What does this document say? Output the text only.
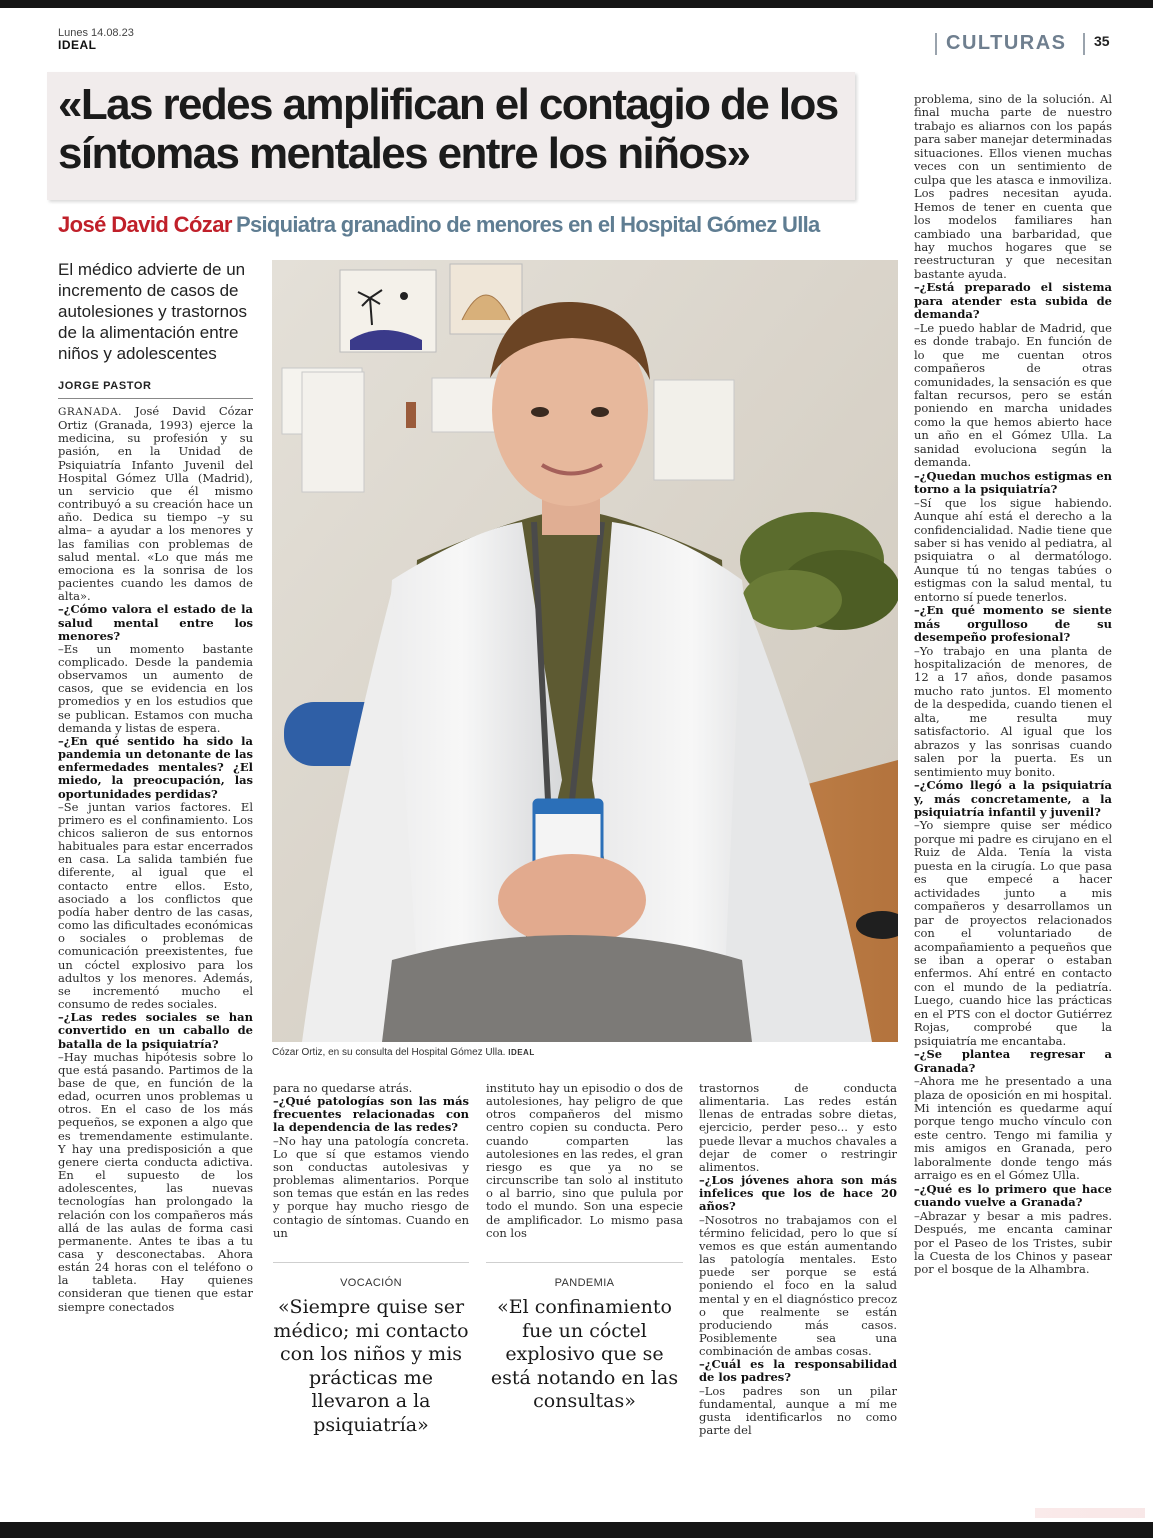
Lunes 14.08.23
IDEAL	CULTURAS 35
«Las redes amplifican el contagio de los síntomas mentales entre los niños»
José David Cózar Psiquiatra granadino de menores en el Hospital Gómez Ulla
El médico advierte de un incremento de casos de autolesiones y trastornos de la alimentación entre niños y adolescentes
JORGE PASTOR

GRANADA. José David Cózar Ortiz (Granada, 1993) ejerce la medicina, su profesión y su pasión, en la Unidad de Psiquiatría Infanto Juvenil del Hospital Gómez Ulla (Madrid), un servicio que él mismo contribuyó a su creación hace un año. Dedica su tiempo –y su alma– a ayudar a los menores y las familias con problemas de salud mental. «Lo que más me emociona es la sonrisa de los pacientes cuando les damos de alta».

–¿Cómo valora el estado de la salud mental entre los menores?

–Es un momento bastante complicado. Desde la pandemia observamos un aumento de casos, que se evidencia en los promedios y en los estudios que se publican. Estamos con mucha demanda y listas de espera.

–¿En qué sentido ha sido la pandemia un detonante de las enfermedades mentales? ¿El miedo, la preocupación, las oportunidades perdidas?

–Se juntan varios factores. El primero es el confinamiento. Los chicos salieron de sus entornos habituales para estar encerrados en casa. La salida también fue diferente, al igual que el contacto entre ellos. Esto, asociado a los conflictos que podía haber dentro de las casas, como las dificultades económicas o sociales o problemas de comunicación preexistentes, fue un cóctel explosivo para los adultos y los menores. Además, se incrementó mucho el consumo de redes sociales.

–¿Las redes sociales se han convertido en un caballo de batalla de la psiquiatría?

–Hay muchas hipótesis sobre lo que está pasando. Partimos de la base de que, en función de la edad, ocurren unos problemas u otros. En el caso de los más pequeños, se exponen a algo que es tremendamente estimulante. Y hay una predisposición a que genere cierta conducta adictiva. En el supuesto de los adolescentes, las nuevas tecnologías han prolongado la relación con los compañeros más allá de las aulas de forma casi permanente. Antes te ibas a tu casa y desconectabas. Ahora están 24 horas con el teléfono o la tableta. Hay quienes consideran que tienen que estar siempre conectados

Cózar Ortiz, en su consulta del Hospital Gómez Ulla. IDEAL

para no quedarse atrás.

–¿Qué patologías son las más frecuentes relacionadas con la dependencia de las redes?

–No hay una patología concreta. Lo que sí que estamos viendo son conductas autolesivas y problemas alimentarios. Porque son temas que están en las redes y porque hay mucho riesgo de contagio de síntomas. Cuando en un

instituto hay un episodio o dos de autolesiones, hay peligro de que otros compañeros del mismo centro copien su conducta. Pero cuando comparten las autolesiones en las redes, el gran riesgo es que ya no se circunscribe tan solo al instituto o al barrio, sino que pulula por todo el mundo. Son una especie de amplificador. Lo mismo pasa con los

VOCACIÓN
«Siempre quise ser médico; mi contacto con los niños y mis prácticas me llevaron a la psiquiatría»
PANDEMIA
«El confinamiento fue un cóctel explosivo que se está notando en las consultas»

trastornos de conducta alimentaria. Las redes están llenas de entradas sobre dietas, ejercicio, perder peso... y esto puede llevar a muchos chavales a dejar de comer o restringir alimentos.

–¿Los jóvenes ahora son más infelices que los de hace 20 años?

–Nosotros no trabajamos con el término felicidad, pero lo que sí vemos es que están aumentando las patología mentales. Esto puede ser porque se está poniendo el foco en la salud mental y en el diagnóstico precoz o que realmente se están produciendo más casos. Posiblemente sea una combinación de ambas cosas.

–¿Cuál es la responsabilidad de los padres?

–Los padres son un pilar fundamental, aunque a mí me gusta identificarlos no como parte del

problema, sino de la solución. Al final mucha parte de nuestro trabajo es aliarnos con los papás para saber manejar determinadas situaciones. Ellos vienen muchas veces con un sentimiento de culpa que les atasca e inmoviliza. Los padres necesitan ayuda. Hemos de tener en cuenta que los modelos familiares han cambiado una barbaridad, que hay muchos hogares que se reestructuran y que necesitan bastante ayuda.

–¿Está preparado el sistema para atender esta subida de demanda?

–Le puedo hablar de Madrid, que es donde trabajo. En función de lo que me cuentan otros compañeros de otras comunidades, la sensación es que faltan recursos, pero se están poniendo en marcha unidades como la que hemos abierto hace un año en el Gómez Ulla. La sanidad evoluciona según la demanda.

–¿Quedan muchos estigmas en torno a la psiquiatría?

–Sí que los sigue habiendo. Aunque ahí está el derecho a la confidencialidad. Nadie tiene que saber si has venido al pediatra, al psiquiatra o al dermatólogo. Aunque tú no tengas tabúes o estigmas con la salud mental, tu entorno sí puede tenerlos.

–¿En qué momento se siente más orgulloso de su desempeño profesional?

–Yo trabajo en una planta de hospitalización de menores, de 12 a 17 años, donde pasamos mucho rato juntos. El momento de la despedida, cuando tienen el alta, me resulta muy satisfactorio. Al igual que los abrazos y las sonrisas cuando salen por la puerta. Es un sentimiento muy bonito.

–¿Cómo llegó a la psiquiatría y, más concretamente, a la psiquiatría infantil y juvenil?

–Yo siempre quise ser médico porque mi padre es cirujano en el Ruiz de Alda. Tenía la vista puesta en la cirugía. Lo que pasa es que empecé a hacer actividades junto a mis compañeros y desarrollamos un par de proyectos relacionados con el voluntariado de acompañamiento a pequeños que se iban a operar o estaban enfermos. Ahí entré en contacto con el mundo de la pediatría. Luego, cuando hice las prácticas en el PTS con el doctor Gutiérrez Rojas, comprobé que la psiquiatría me encantaba.

–¿Se plantea regresar a Granada?

–Ahora me he presentado a una plaza de oposición en mi hospital. Mi intención es quedarme aquí porque tengo mucho vínculo con este centro. Tengo mi familia y mis amigos en Granada, pero laboralmente donde tengo más arraigo es en el Gómez Ulla.

–¿Qué es lo primero que hace cuando vuelve a Granada?

–Abrazar y besar a mis padres. Después, me encanta caminar por el Paseo de los Tristes, subir la Cuesta de los Chinos y pasear por el bosque de la Alhambra.
